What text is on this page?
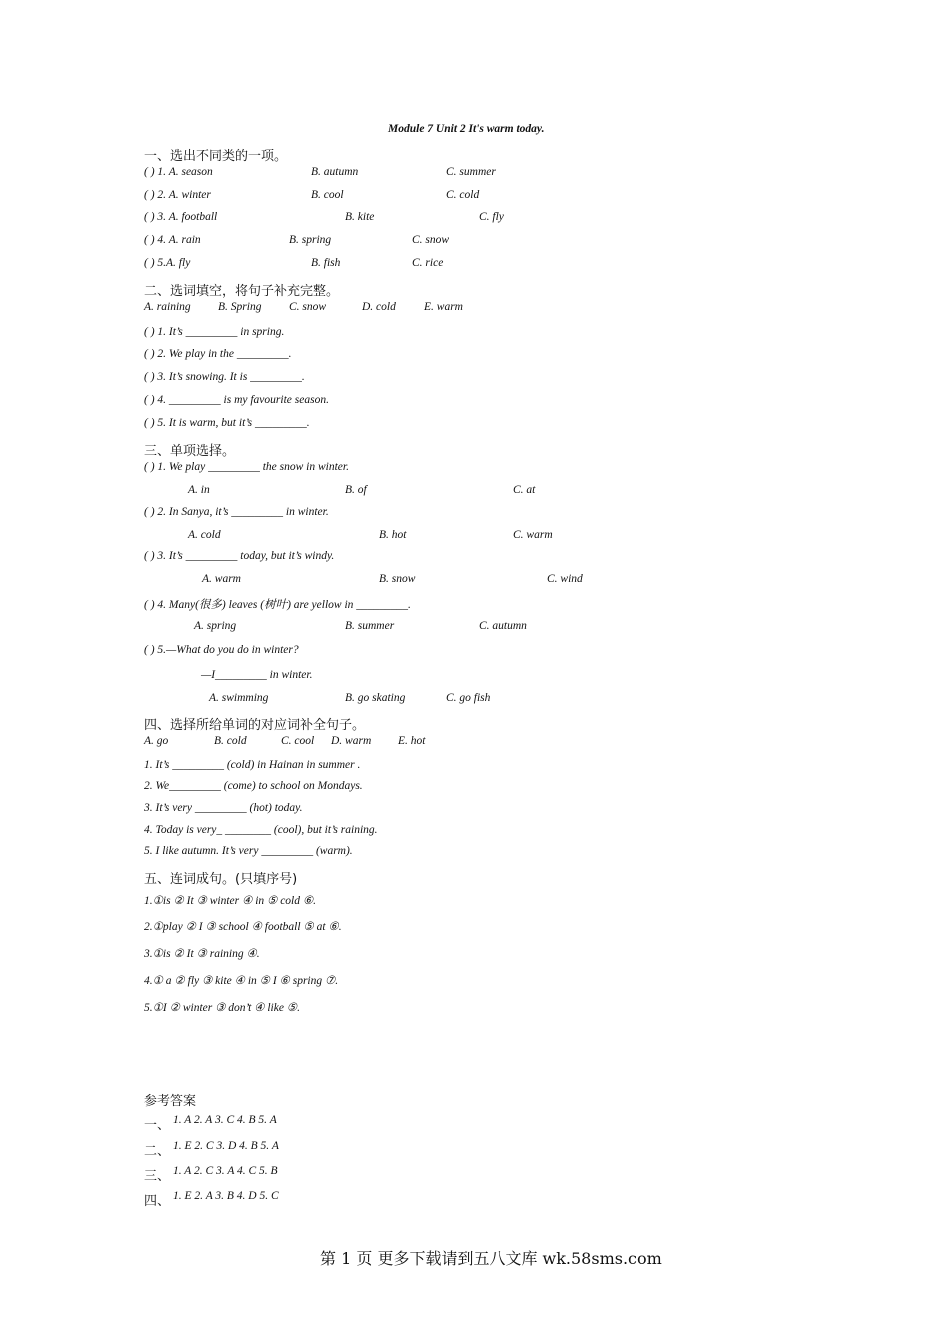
Module 7 Unit 2 It's warm today.
一、选出不同类的一项。
( ) 1. A. season	B. autumn	C. summer
( ) 2. A. winter	B. cool	C. cold
( ) 3. A. football	B. kite	C. fly
( ) 4. A. rain	B. spring	C. snow
( ) 5.A. fly	B. fish	C. rice
二、选词填空，将句子补充完整。
A. raining B. Spring C. snow	D. cold E. warm
( ) 1. It’s _________ in spring.
( ) 2. We play in the _________.
( ) 3. It’s snowing. It is _________.
( ) 4. _________ is my favourite season.
( ) 5. It is warm, but it’s _________.
三、单项选择。
( ) 1. We play _________ the snow in winter.
A. in	B. of	C. at
( ) 2. In Sanya, it’s _________ in winter.
A. cold	B. hot	C. warm
( ) 3. It’s _________ today, but it’s windy.
A. warm	B. snow	C. wind
( ) 4. Many(很多) leaves (树叶) are yellow in _________.
A. spring	B. summer	C. autumn
( ) 5.—What do you do in winter?
—I_________ in winter.
A. swimming	B. go skating	C. go fish
四、选择所给单词的对应词补全句子。
A. go	B. cold	C. cool D. warm E. hot
1. It’s _________ (cold) in Hainan in summer .
2. We_________ (come) to school on Mondays.
3. It’s very _________ (hot) today.
4. Today is very_ ________ (cool), but it’s raining.
5. I like autumn. It’s very _________ (warm).
五、连词成句。(只填序号)
1.①is ② It ③ winter ④ in ⑤ cold ⑥.
2.①play ② I ③ school ④ football ⑤ at ⑥.
3.①is ② It ③ raining ④.
4.① a ② fly ③ kite ④ in ⑤ I ⑥ spring ⑦.
5.①I ② winter ③ don’t ④ like ⑤.
参考答案
一、 1. A 2. A 3. C 4. B 5. A
二、 1. E 2. C 3. D 4. B 5. A
三、 1. A 2. C 3. A 4. C 5. B
四、 1. E 2. A 3. B 4. D 5. C
第 1 页 更多下载请到五八文库 wk.58sms.com
